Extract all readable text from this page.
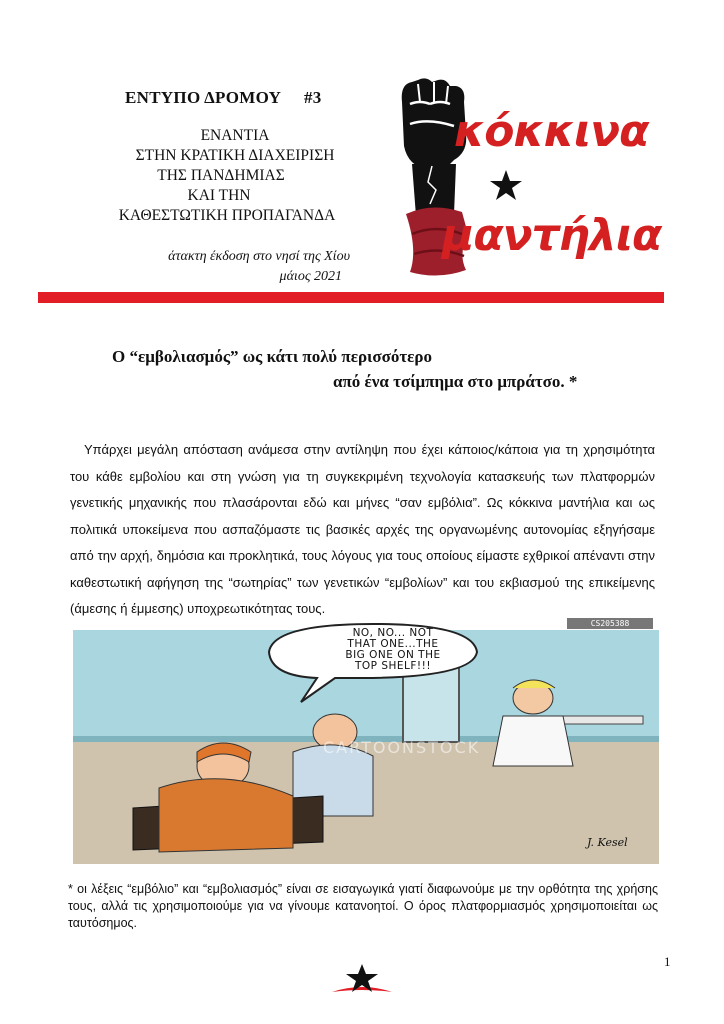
ΕΝΤΥΠΟ ΔΡΟΜΟΥ     #3
ΕΝΑΝΤΙΑ
ΣΤΗΝ ΚΡΑΤΙΚΗ ΔΙΑΧΕΙΡΙΣΗ
ΤΗΣ ΠΑΝΔΗΜΙΑΣ
ΚΑΙ ΤΗΝ
ΚΑΘΕΣΤΩΤΙΚΗ ΠΡΟΠΑΓΑΝΔΑ
άτακτη έκδοση στο νησί της Χίου
μάιος 2021
κόκκινα
μαντήλια
Ο “εμβολιασμός” ως κάτι πολύ περισσότερο
από ένα τσίμπημα στο μπράτσο. *
Υπάρχει μεγάλη απόσταση ανάμεσα στην αντίληψη που έχει κάποιος/κάποια για τη χρησιμότητα του κάθε εμβολίου και στη γνώση για τη συγκεκριμένη τεχνολογία κατασκευής των πλατφορμών γενετικής μηχανικής που πλασάρονται εδώ και μήνες “σαν εμβόλια”. Ως κόκκινα μαντήλια και ως πολιτικά υποκείμενα που ασπαζόμαστε τις βασικές αρχές της οργανωμένης αυτονομίας εξηγήσαμε από την αρχή, δημόσια και προκλητικά, τους λόγους για τους οποίους είμαστε εχθρικοί απέναντι στην καθεστωτική αφήγηση της “σωτηρίας” των γενετικών “εμβολίων” και του εκβιασμού της επικείμενης (άμεσης ή έμμεσης) υποχρεωτικότητας τους.
NO, NO... NOT
THAT ONE...THE
BIG ONE ON THE
TOP SHELF!!!
CS205388
CARTOONSTOCK
J. Kesel
* οι λέξεις “εμβόλιο” και “εμβολιασμός” είναι σε εισαγωγικά γιατί διαφωνούμε με την ορθότητα της χρήσης τους, αλλά τις χρησιμοποιούμε για να γίνουμε κατανοητοί. Ο όρος πλατφορμιασμός χρησιμοποιείται ως ταυτόσημος.
1
